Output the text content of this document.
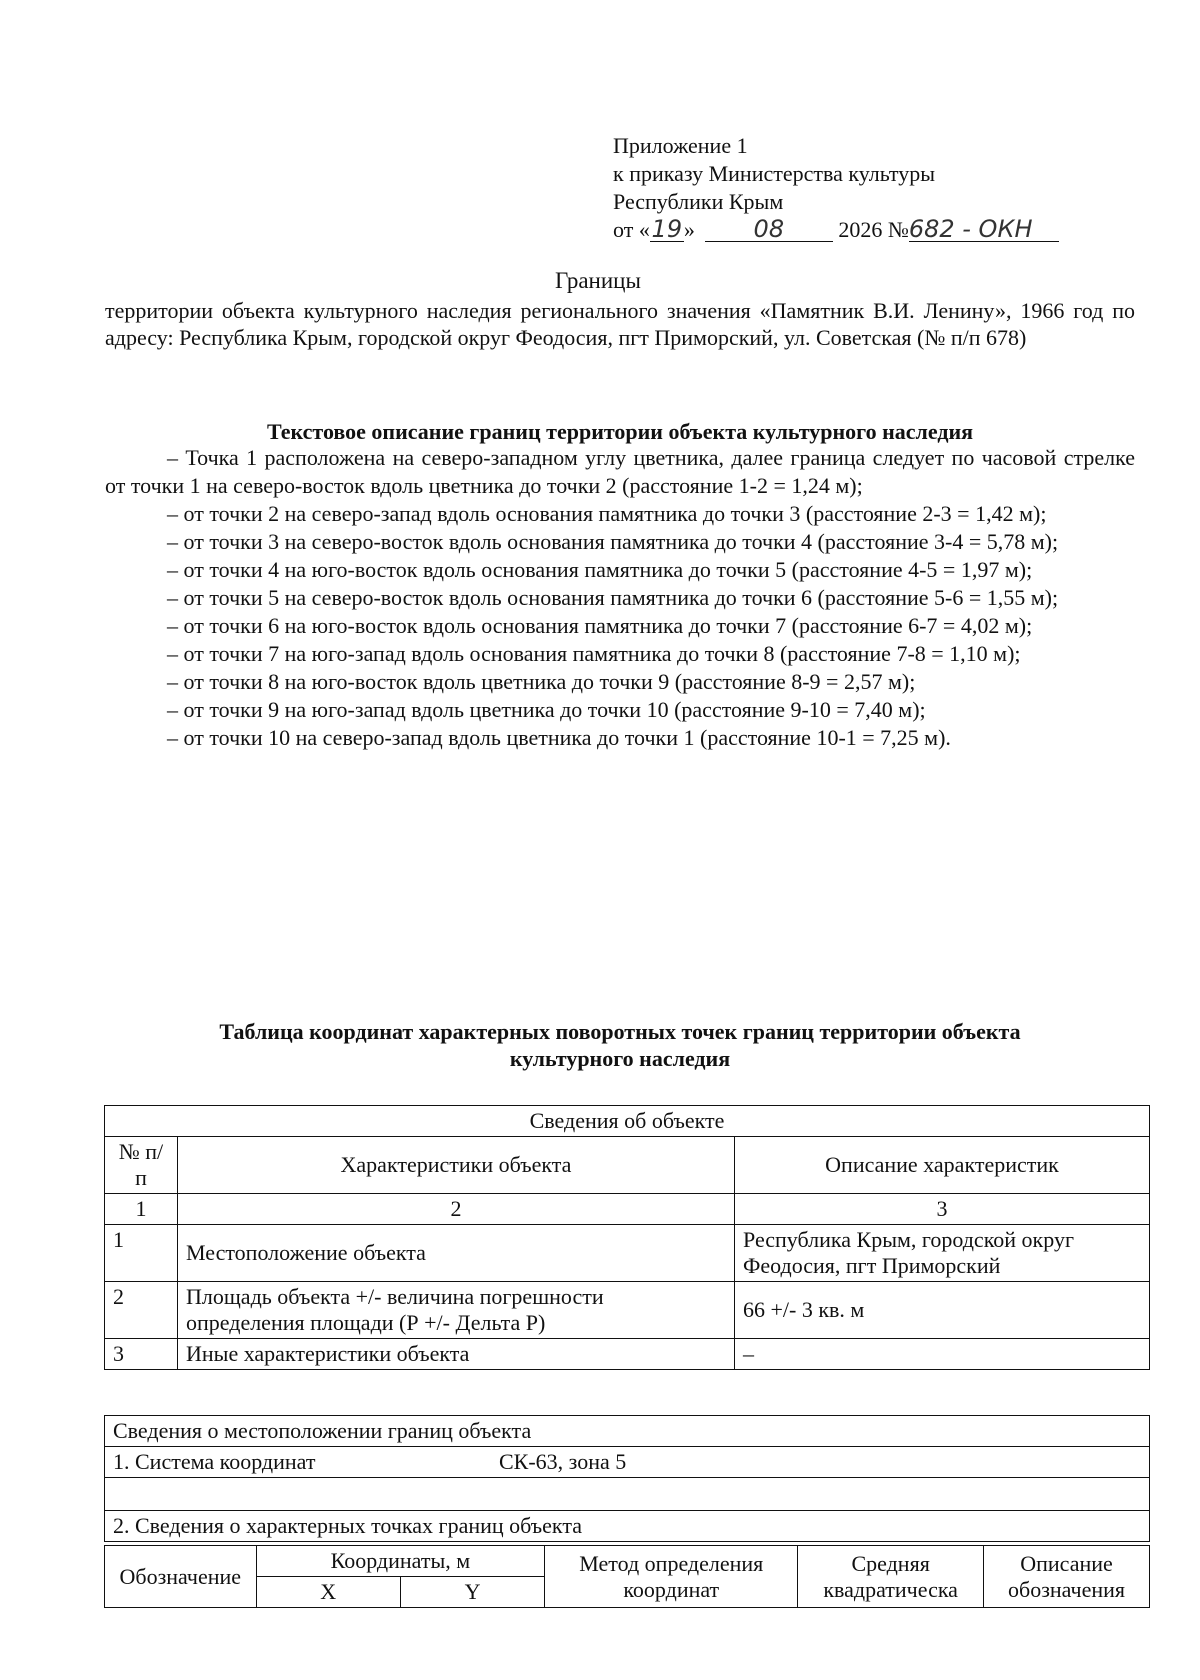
Приложение 1
к приказу Министерства культуры
Республики Крым
от «19» 08 2026 №682 - ОКН
Границы
территории объекта культурного наследия регионального значения «Памятник В.И. Ленину», 1966 год по адресу: Республика Крым, городской округ Феодосия, пгт Приморский, ул. Советская (№ п/п 678)
Текстовое описание границ территории объекта культурного наследия

– Точка 1 расположена на северо-западном углу цветника, далее граница следует по часовой стрелке от точки 1 на северо-восток вдоль цветника до точки 2 (расстояние 1-2 = 1,24 м);

– от точки 2 на северо-запад вдоль основания памятника до точки 3 (расстояние 2-3 = 1,42 м);

– от точки 3 на северо-восток вдоль основания памятника до точки 4 (расстояние 3-4 = 5,78 м);

– от точки 4 на юго-восток вдоль основания памятника до точки 5 (расстояние 4-5 = 1,97 м);

– от точки 5 на северо-восток вдоль основания памятника до точки 6 (расстояние 5-6 = 1,55 м);

– от точки 6 на юго-восток вдоль основания памятника до точки 7 (расстояние 6-7 = 4,02 м);

– от точки 7 на юго-запад вдоль основания памятника до точки 8 (расстояние 7-8 = 1,10 м);

– от точки 8 на юго-восток вдоль цветника до точки 9 (расстояние 8-9 = 2,57 м);

– от точки 9 на юго-запад вдоль цветника до точки 10 (расстояние 9-10 = 7,40 м);

– от точки 10 на северо-запад вдоль цветника до точки 1 (расстояние 10-1 = 7,25 м).

Таблица координат характерных поворотных точек границ территории объекта
культурного наследия
Сведения об объекте		
№ п/п	Характеристики объекта	Описание характеристик
1	2	3
1	Местоположение объекта	Республика Крым, городской округ Феодосия, пгт Приморский
2	Площадь объекта +/- величина погрешности определения площади (Р +/- Дельта Р)	66 +/- 3 кв. м
3	Иные характеристики объекта	–
Сведения о местоположении границ объекта
1. Система координат	СК-63, зона 5

2. Сведения о характерных точках границ объекта
Обозначение	Координаты, м		Метод определения координат	Средняя квадратическа	Описание обозначения
	X	Y			
